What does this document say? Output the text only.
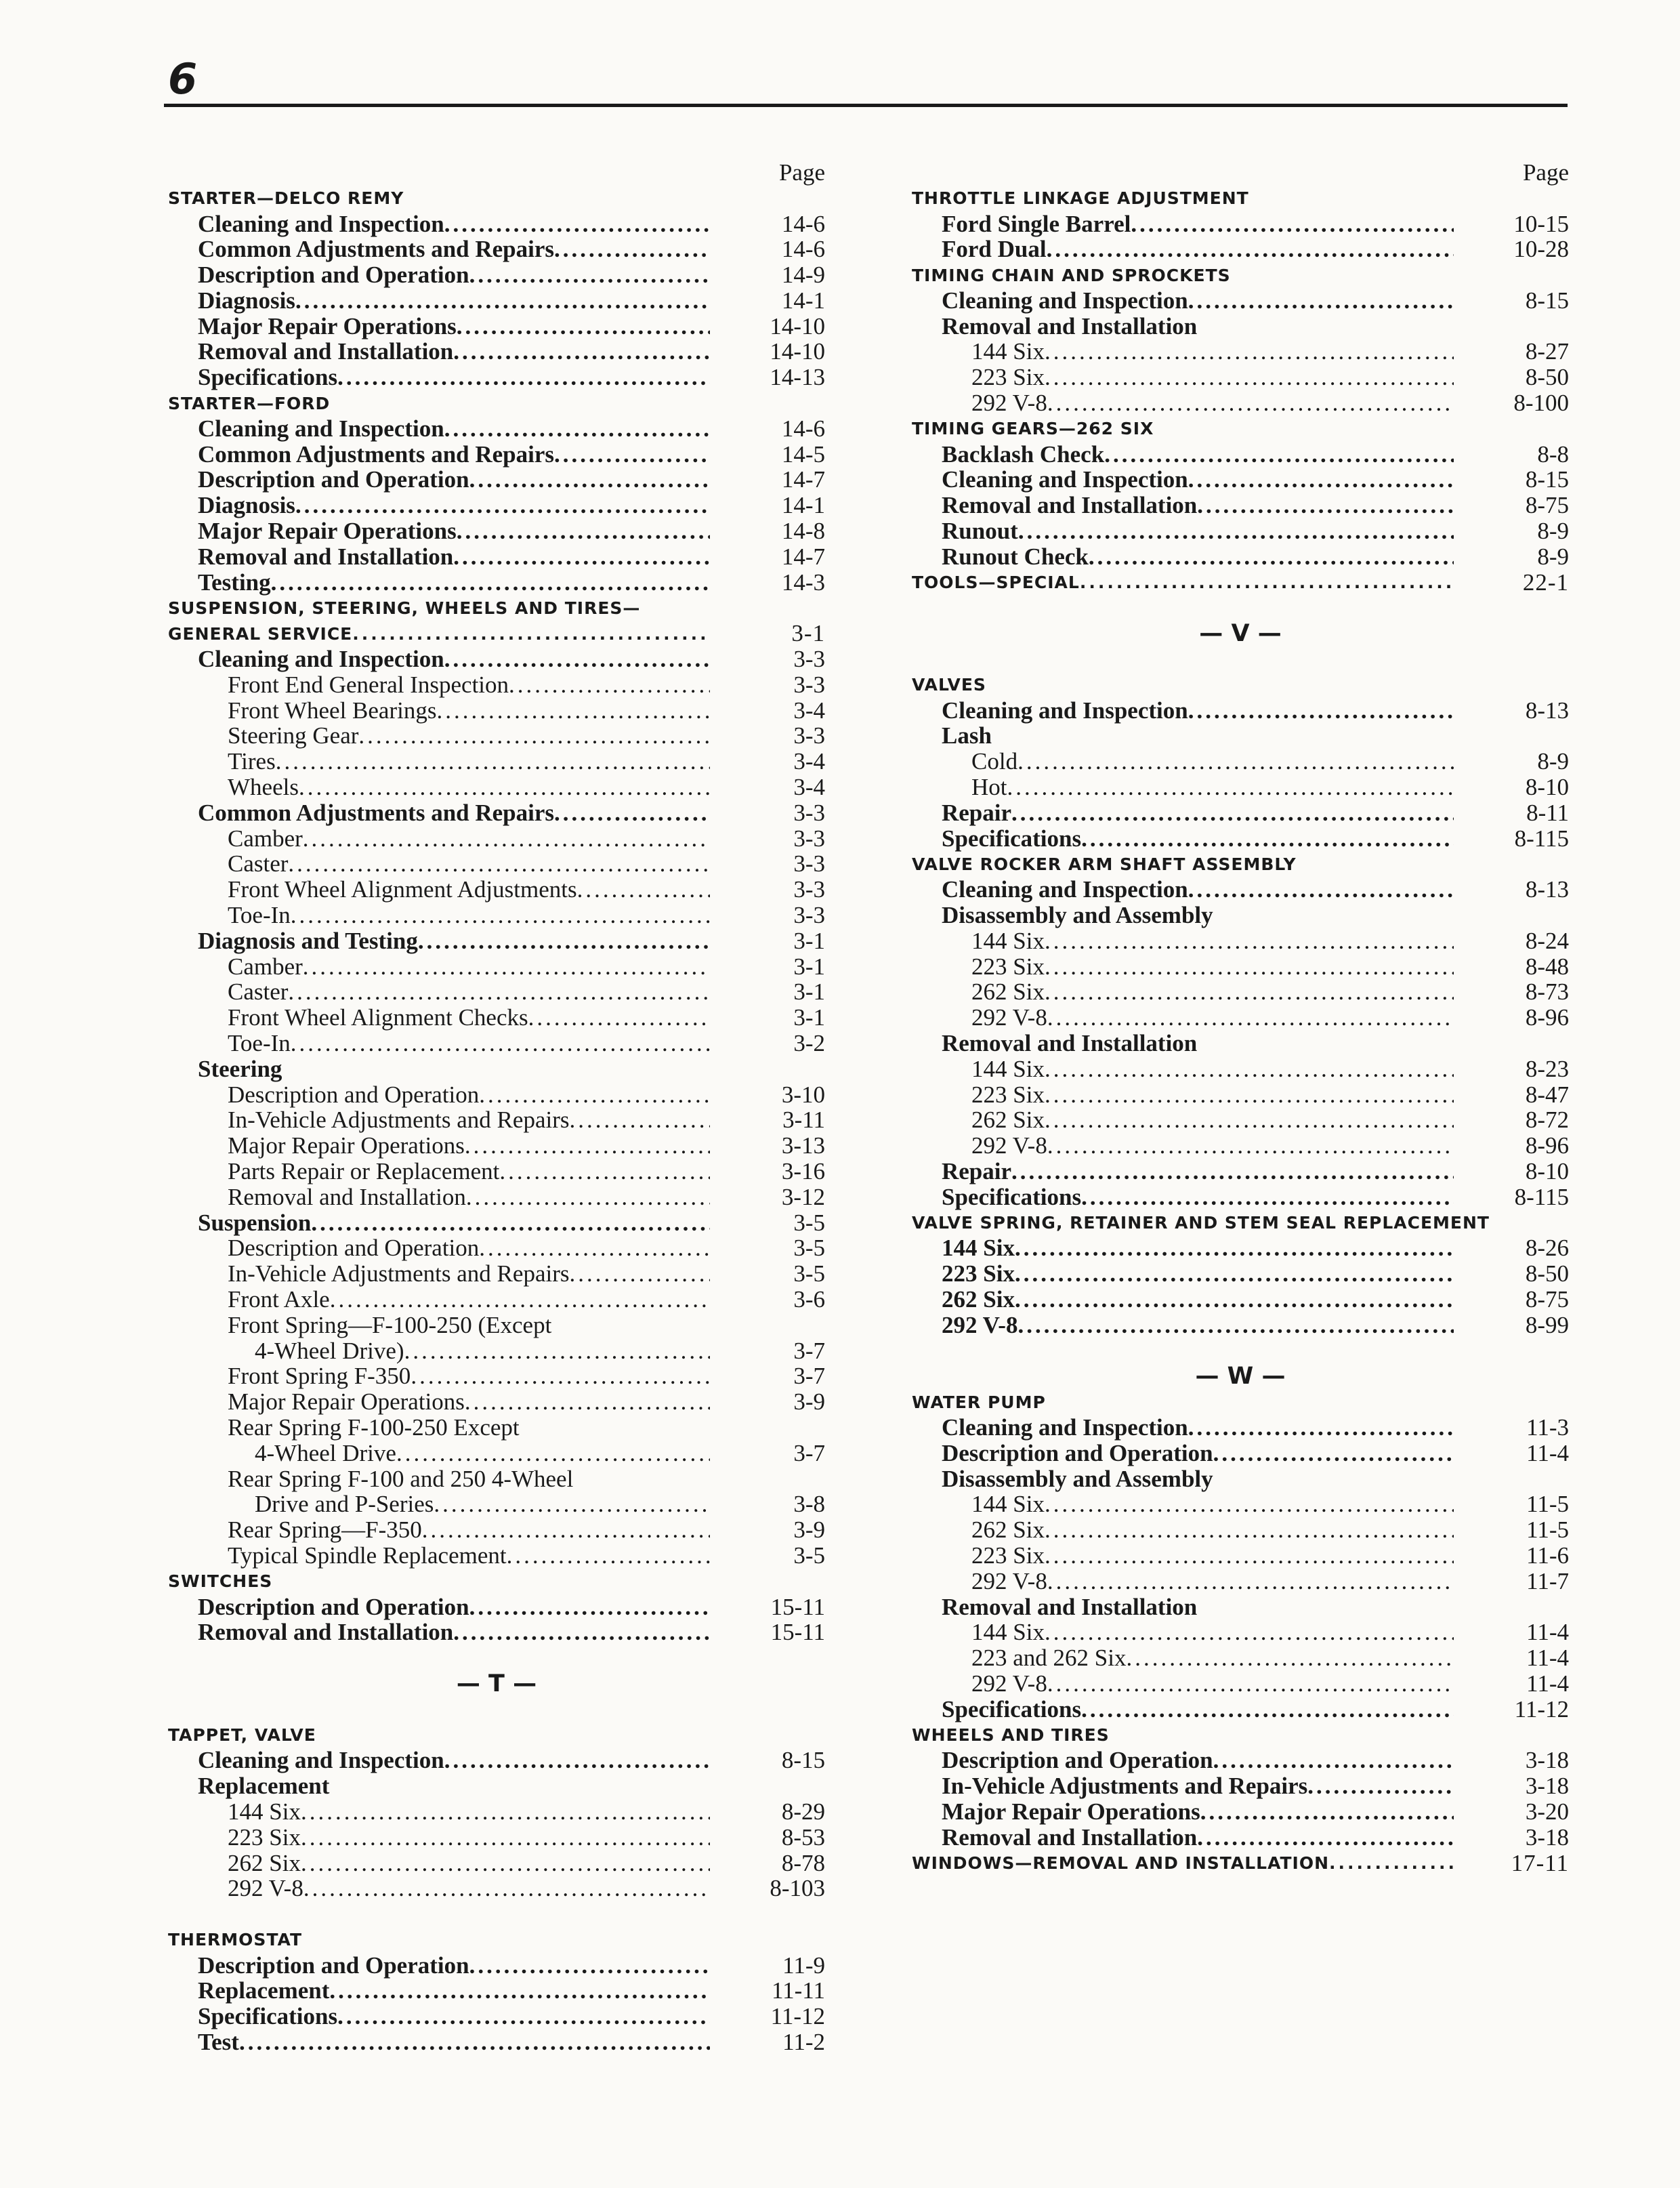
6
Page
STARTER—DELCO REMY
Cleaning and Inspection .....	14-6
Common Adjustments and Repairs .....	14-6
Description and Operation .....	14-9
Diagnosis .....	14-1
Major Repair Operations .....	14-10
Removal and Installation .....	14-10
Specifications .....	14-13
STARTER—FORD
Cleaning and Inspection .....	14-6
Common Adjustments and Repairs .....	14-5
Description and Operation .....	14-7
Diagnosis .....	14-1
Major Repair Operations .....	14-8
Removal and Installation .....	14-7
Testing .....	14-3
SUSPENSION, STEERING, WHEELS AND TIRES—
GENERAL SERVICE .....	3-1
Cleaning and Inspection .....	3-3
Front End General Inspection .....	3-3
Front Wheel Bearings .....	3-4
Steering Gear .....	3-3
Tires .....	3-4
Wheels .....	3-4
Common Adjustments and Repairs .....	3-3
Camber .....	3-3
Caster .....	3-3
Front Wheel Alignment Adjustments .....	3-3
Toe-In .....	3-3
Diagnosis and Testing .....	3-1
Camber .....	3-1
Caster .....	3-1
Front Wheel Alignment Checks .....	3-1
Toe-In .....	3-2
Steering
Description and Operation .....	3-10
In-Vehicle Adjustments and Repairs .....	3-11
Major Repair Operations .....	3-13
Parts Repair or Replacement .....	3-16
Removal and Installation .....	3-12
Suspension .....	3-5
Description and Operation .....	3-5
In-Vehicle Adjustments and Repairs .....	3-5
Front Axle .....	3-6
Front Spring—F-100-250 (Except
4-Wheel Drive) .....	3-7
Front Spring F-350 .....	3-7
Major Repair Operations .....	3-9
Rear Spring F-100-250 Except
4-Wheel Drive .....	3-7
Rear Spring F-100 and 250 4-Wheel
Drive and P-Series .....	3-8
Rear Spring—F-350 .....	3-9
Typical Spindle Replacement .....	3-5
SWITCHES
Description and Operation .....	15-11
Removal and Installation .....	15-11
— T —
TAPPET, VALVE
Cleaning and Inspection .....	8-15
Replacement
144 Six .....	8-29
223 Six .....	8-53
262 Six .....	8-78
292 V-8 .....	8-103
THERMOSTAT
Description and Operation .....	11-9
Replacement .....	11-11
Specifications .....	11-12
Test .....	11-2
Page
THROTTLE LINKAGE ADJUSTMENT
Ford Single Barrel .....	10-15
Ford Dual .....	10-28
TIMING CHAIN AND SPROCKETS
Cleaning and Inspection .....	8-15
Removal and Installation
144 Six .....	8-27
223 Six .....	8-50
292 V-8 .....	8-100
TIMING GEARS—262 SIX
Backlash Check .....	8-8
Cleaning and Inspection .....	8-15
Removal and Installation .....	8-75
Runout .....	8-9
Runout Check .....	8-9
TOOLS—SPECIAL .....	22-1
— V —
VALVES
Cleaning and Inspection .....	8-13
Lash
Cold .....	8-9
Hot .....	8-10
Repair .....	8-11
Specifications .....	8-115
VALVE ROCKER ARM SHAFT ASSEMBLY
Cleaning and Inspection .....	8-13
Disassembly and Assembly
144 Six .....	8-24
223 Six .....	8-48
262 Six .....	8-73
292 V-8 .....	8-96
Removal and Installation
144 Six .....	8-23
223 Six .....	8-47
262 Six .....	8-72
292 V-8 .....	8-96
Repair .....	8-10
Specifications .....	8-115
VALVE SPRING, RETAINER AND STEM SEAL REPLACEMENT
144 Six .....	8-26
223 Six .....	8-50
262 Six .....	8-75
292 V-8 .....	8-99
— W —
WATER PUMP
Cleaning and Inspection .....	11-3
Description and Operation .....	11-4
Disassembly and Assembly
144 Six .....	11-5
262 Six .....	11-5
223 Six .....	11-6
292 V-8 .....	11-7
Removal and Installation
144 Six .....	11-4
223 and 262 Six .....	11-4
292 V-8 .....	11-4
Specifications .....	11-12
WHEELS AND TIRES
Description and Operation .....	3-18
In-Vehicle Adjustments and Repairs .....	3-18
Major Repair Operations .....	3-20
Removal and Installation .....	3-18
WINDOWS—REMOVAL AND INSTALLATION .....	17-11
